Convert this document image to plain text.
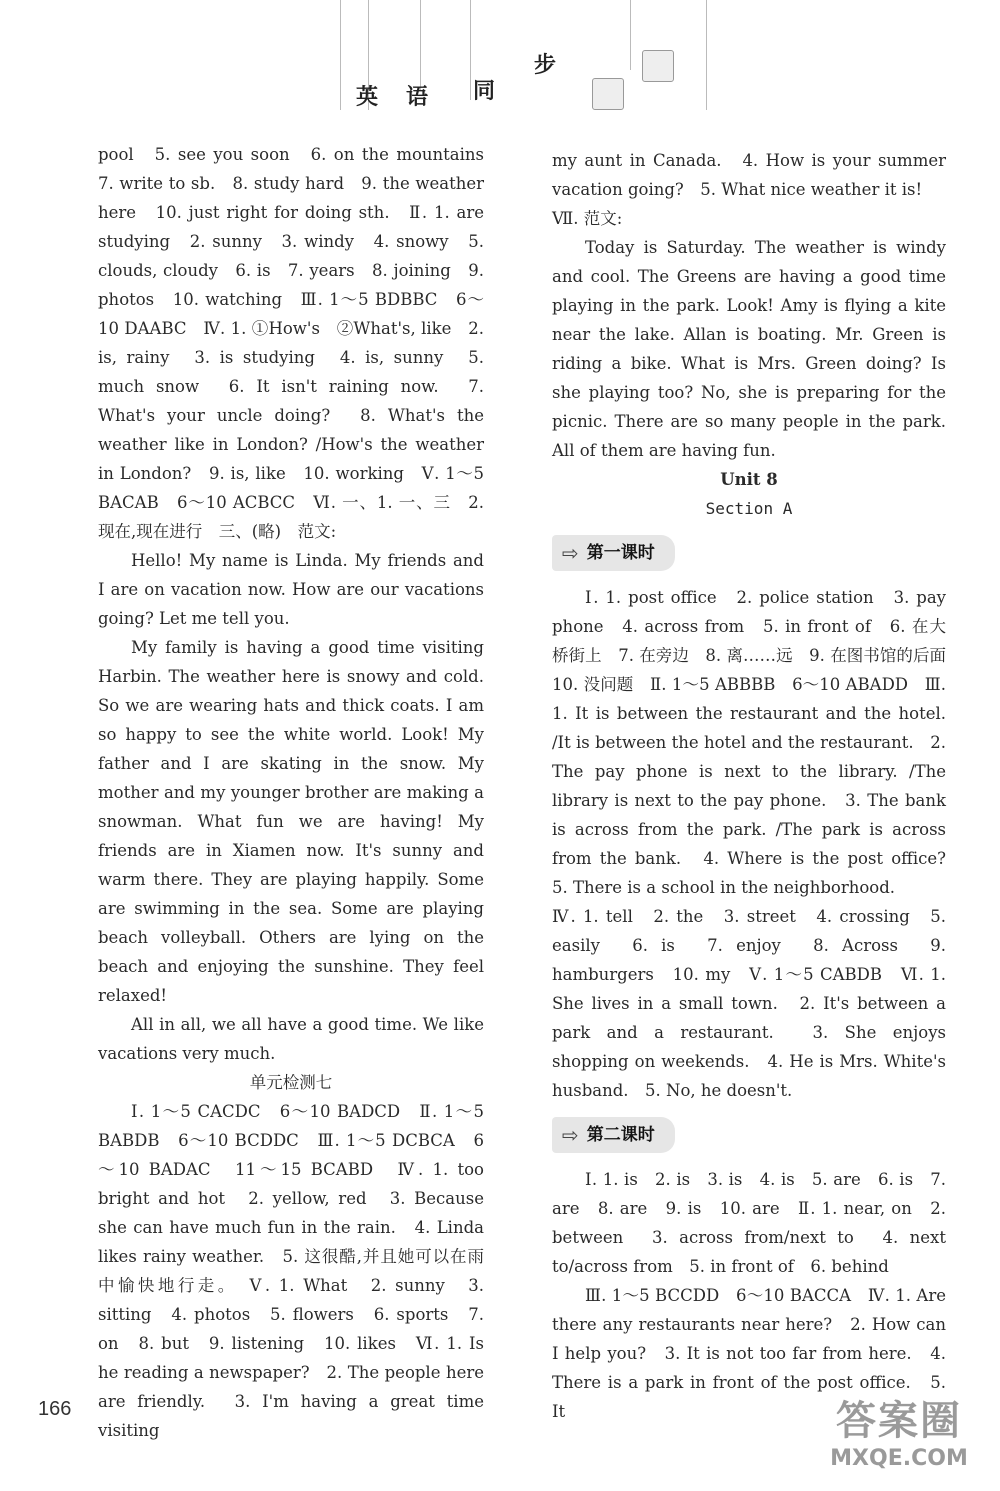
英 语 同
步

pool　5. see you soon　6. on the mountains　7. write to sb.　8. study hard　9. the weather here　10. just right for doing sth.　Ⅱ. 1. are studying　2. sunny　3. windy　4. snowy　5. clouds, cloudy　6. is　7. years　8. joining　9. photos　10. watching　Ⅲ. 1～5 BDBBC　6～10 DAABC　Ⅳ. 1. ①How's　②What's, like　2. is, rainy　3. is studying　4. is, sunny　5. much snow　6. It isn't raining now.　7. What's your uncle doing?　8. What's the weather like in London? /How's the weather in London?　9. is, like　10. working　Ⅴ. 1～5 BACAB　6～10 ACBCC　Ⅵ. 一、1. 一、三　2. 现在,现在进行　三、(略)　范文:

Hello! My name is Linda. My friends and I are on vacation now. How are our vacations going? Let me tell you.

My family is having a good time visiting Harbin. The weather here is snowy and cold. So we are wearing hats and thick coats. I am so happy to see the white world. Look! My father and I are skating in the snow. My mother and my younger brother are making a snowman. What fun we are having! My friends are in Xiamen now. It's sunny and warm there. They are playing happily. Some are swimming in the sea. Some are playing beach volleyball. Others are lying on the beach and enjoying the sunshine. They feel relaxed!

All in all, we all have a good time. We like vacations very much.

单元检测七

Ⅰ. 1～5 CACDC　6～10 BADCD　Ⅱ. 1～5 BABDB　6～10 BCDDC　Ⅲ. 1～5 DCBCA　6～10 BADAC　11～15 BCABD　Ⅳ. 1. too bright and hot　2. yellow, red　3. Because she can have much fun in the rain.　4. Linda likes rainy weather.　5. 这很酷,并且她可以在雨中愉快地行走。　Ⅴ. 1. What　2. sunny　3. sitting　4. photos　5. flowers　6. sports　7. on　8. but　9. listening　10. likes　Ⅵ. 1. Is he reading a newspaper?　2. The people here are friendly.　3. I'm having a great time visiting

my aunt in Canada.　4. How is your summer vacation going?　5. What nice weather it is!

Ⅶ. 范文:

Today is Saturday. The weather is windy and cool. The Greens are having a good time playing in the park. Look! Amy is flying a kite near the lake. Allan is boating. Mr. Green is riding a bike. What is Mrs. Green doing? Is she playing too? No, she is preparing for the picnic. There are so many people in the park. All of them are having fun.

Unit 8

Section A

⇨ 第一课时

Ⅰ. 1. post office　2. police station　3. pay phone　4. across from　5. in front of　6. 在大桥街上　7. 在旁边　8. 离……远　9. 在图书馆的后面　10. 没问题　Ⅱ. 1～5 ABBBB　6～10 ABADD　Ⅲ. 1. It is between the restaurant and the hotel. /It is between the hotel and the restaurant.　2. The pay phone is next to the library. /The library is next to the pay phone.　3. The bank is across from the park. /The park is across from the bank.　4. Where is the post office?　5. There is a school in the neighborhood.

Ⅳ. 1. tell　2. the　3. street　4. crossing　5. easily　6. is　7. enjoy　8. Across　9. hamburgers　10. my　Ⅴ. 1～5 CABDB　Ⅵ. 1. She lives in a small town.　2. It's between a park and a restaurant.　3. She enjoys shopping on weekends.　4. He is Mrs. White's husband.　5. No, he doesn't.

⇨ 第二课时

Ⅰ. 1. is　2. is　3. is　4. is　5. are　6. is　7. are　8. are　9. is　10. are　Ⅱ. 1. near, on　2. between　3. across from/next to　4. next to/across from　5. in front of　6. behind

Ⅲ. 1～5 BCCDD　6～10 BACCA　Ⅳ. 1. Are there any restaurants near here?　2. How can I help you?　3. It is not too far from here.　4. There is a park in front of the post office.　5. It

166	答案圈
MXQE.COM
